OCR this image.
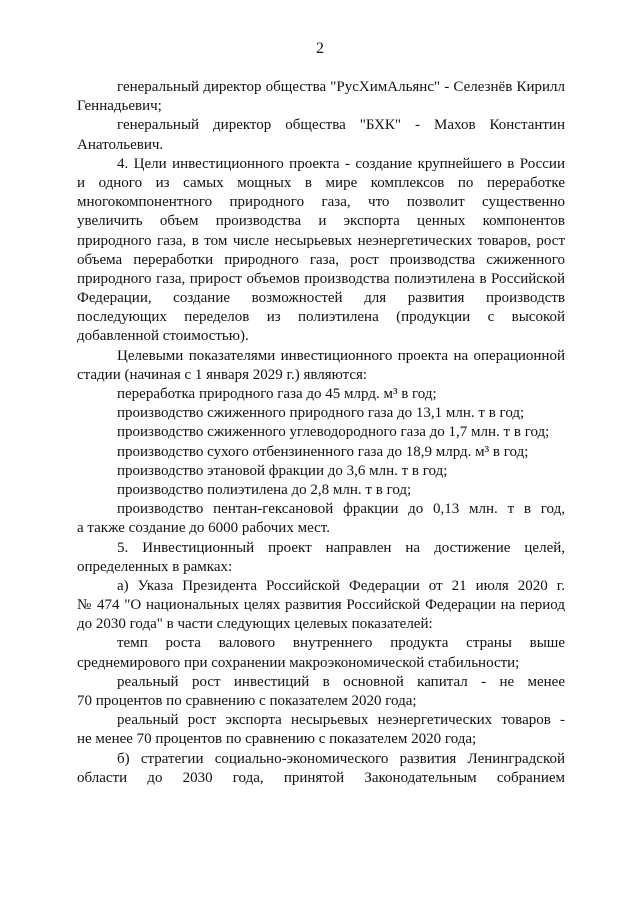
2
генеральный директор общества "РусХимАльянс" - Селезнёв Кирилл
Геннадьевич;
генеральный директор общества "БХК" - Махов Константин
Анатольевич.
4. Цели инвестиционного проекта - создание крупнейшего в России
и одного из самых мощных в мире комплексов по переработке
многокомпонентного природного газа, что позволит существенно
увеличить объем производства и экспорта ценных компонентов
природного газа, в том числе несырьевых неэнергетических товаров, рост
объема переработки природного газа, рост производства сжиженного
природного газа, прирост объемов производства полиэтилена в Российской
Федерации, создание возможностей для развития производств
последующих переделов из полиэтилена (продукции с высокой
добавленной стоимостью).
Целевыми показателями инвестиционного проекта на операционной
стадии (начиная с 1 января 2029 г.) являются:
переработка природного газа до 45 млрд. м³ в год;
производство сжиженного природного газа до 13,1 млн. т в год;
производство сжиженного углеводородного газа до 1,7 млн. т в год;
производство сухого отбензиненного газа до 18,9 млрд. м³ в год;
производство этановой фракции до 3,6 млн. т в год;
производство полиэтилена до 2,8 млн. т в год;
производство пентан-гексановой фракции до 0,13 млн. т в год,
а также создание до 6000 рабочих мест.
5. Инвестиционный проект направлен на достижение целей,
определенных в рамках:
а) Указа Президента Российской Федерации от 21 июля 2020 г.
№ 474 "О национальных целях развития Российской Федерации на период
до 2030 года" в части следующих целевых показателей:
темп роста валового внутреннего продукта страны выше
среднемирового при сохранении макроэкономической стабильности;
реальный рост инвестиций в основной капитал - не менее
70 процентов по сравнению с показателем 2020 года;
реальный рост экспорта несырьевых неэнергетических товаров -
не менее 70 процентов по сравнению с показателем 2020 года;
б) стратегии социально-экономического развития Ленинградской
области до 2030 года, принятой Законодательным собранием
